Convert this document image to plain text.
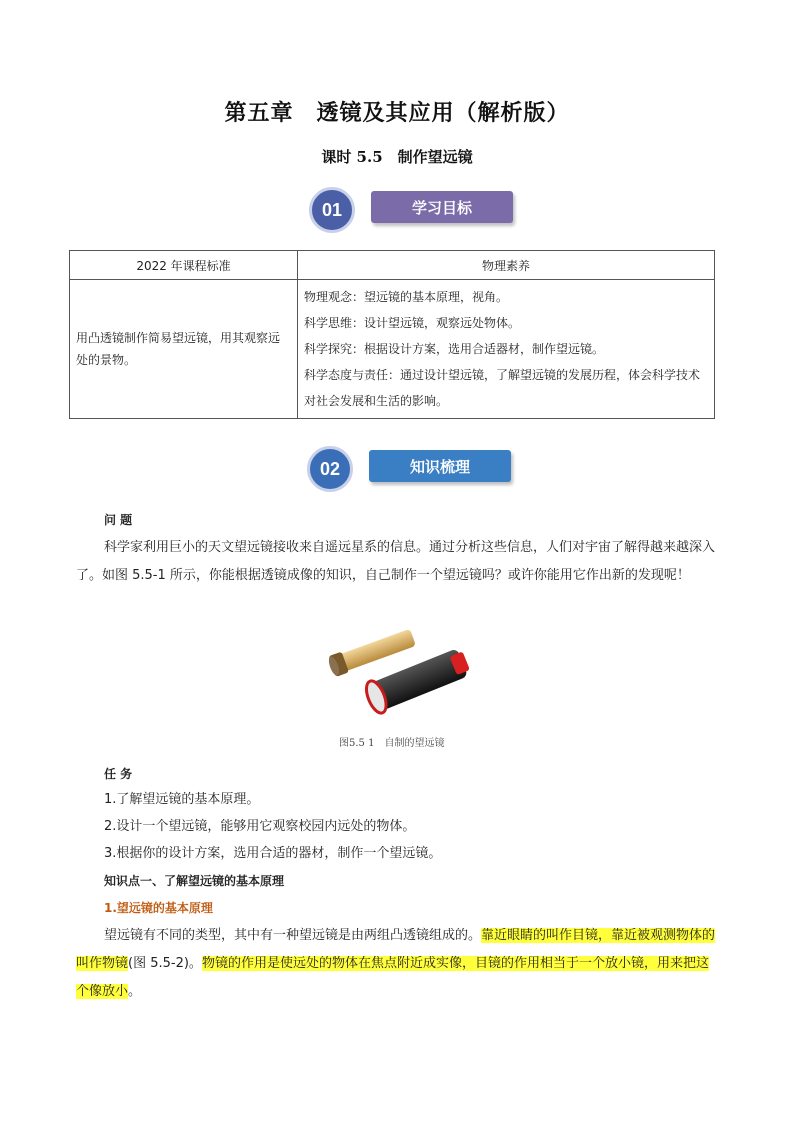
第五章　透镜及其应用（解析版）
课时 5.5　制作望远镜
01	学习目标
2022 年课程标准	物理素养
用凸透镜制作简易望远镜，用其观察远处的景物。	物理观念：望远镜的基本原理，视角。
科学思维：设计望远镜，观察远处物体。
科学探究：根据设计方案，选用合适器材，制作望远镜。
科学态度与责任：通过设计望远镜，了解望远镜的发展历程，体会科学技术对社会发展和生活的影响。
02	知识梳理
问 题
科学家利用巨小的天文望远镜接收来自遥远星系的信息。通过分析这些信息，人们对宇宙了解得越来越深入了。如图 5.5-1 所示，你能根据透镜成像的知识，自己制作一个望远镜吗？或许你能用它作出新的发现呢！
图5.5 1　自制的望远镜
任 务
1.了解望远镜的基本原理。
2.设计一个望远镜，能够用它观察校园内远处的物体。
3.根据你的设计方案，选用合适的器材，制作一个望远镜。
知识点一、了解望远镜的基本原理
1.望远镜的基本原理
望远镜有不同的类型，其中有一种望远镜是由两组凸透镜组成的。靠近眼睛的叫作目镜，靠近被观测物体的叫作物镜(图 5.5-2)。物镜的作用是使远处的物体在焦点附近成实像，目镜的作用相当于一个放小镜，用来把这个像放小。
